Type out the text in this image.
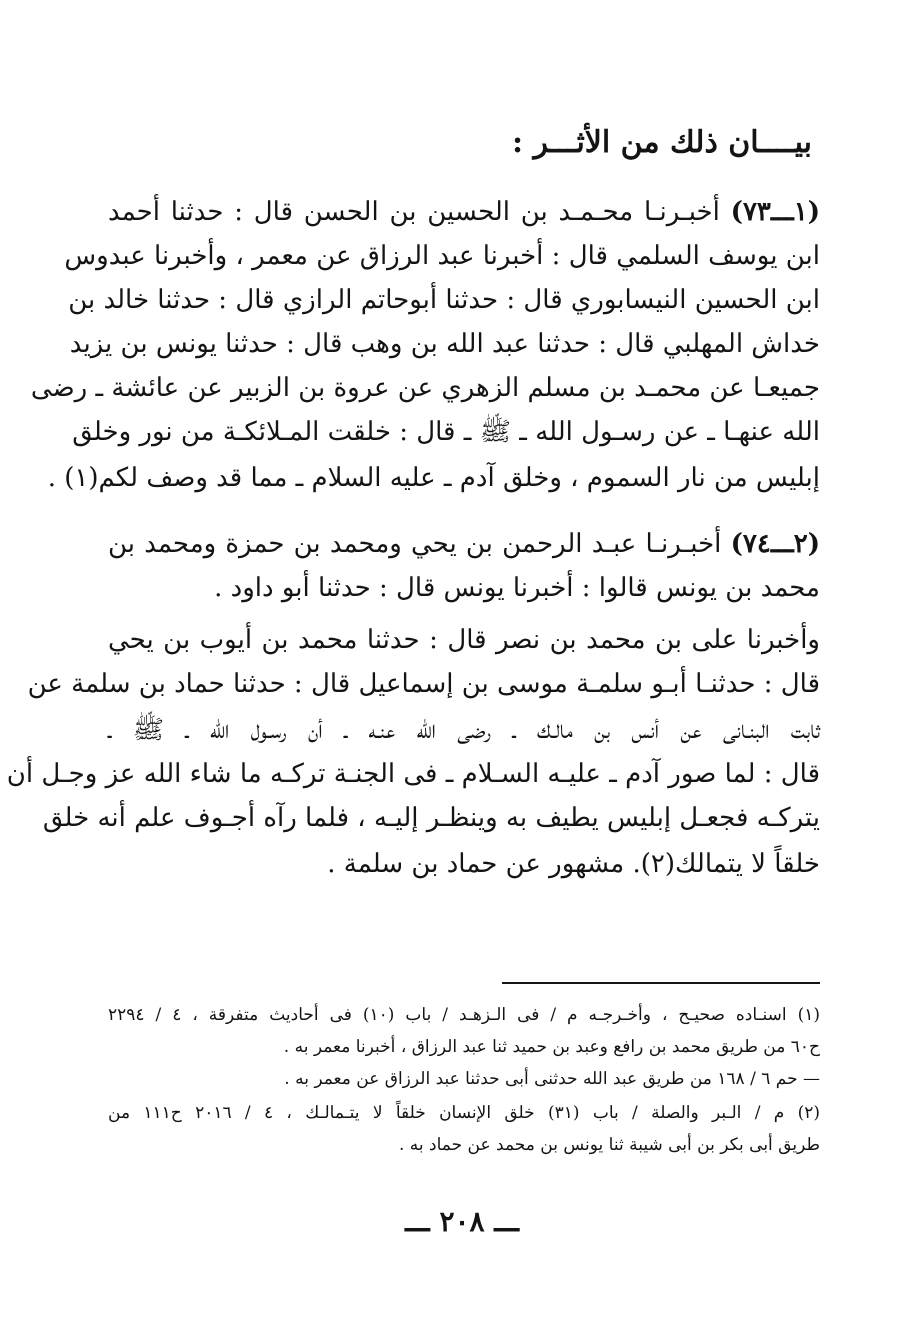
بيــــان ذلك من الأثـــر :
(١ـــ٧٣) أخبـرنـا محـمـد بن الحسين بن الحسن قال : حدثنا أحمد
ابن يوسف السلمي قال : أخبرنا عبد الرزاق عن معمر ، وأخبرنا عبدوس
ابن الحسين النيسابوري قال : حدثنا أبوحاتم الرازي قال : حدثنا خالد بن
خداش المهلبي قال : حدثنا عبد الله بن وهب قال : حدثنا يونس بن يزيد
جميعـا عن محمـد بن مسلم الزهري عن عروة بن الزبير عن عائشة ـ رضى
الله عنهـا ـ عن رسـول الله ـ ﷺ ـ قال : خلقت المـلائكـة من نور وخلق
إبليس من نار السموم ، وخلق آدم ـ عليه السلام ـ مما قد وصف لكم(١) .
(٢ـــ٧٤) أخبـرنـا عبـد الرحمن بن يحي ومحمد بن حمزة ومحمد بن
محمد بن يونس قالوا : أخبرنا يونس قال : حدثنا أبو داود .
وأخبرنا على بن محمد بن نصر قال : حدثنا محمد بن أيوب بن يحي
قال : حدثنـا أبـو سلمـة موسى بن إسماعيل قال : حدثنا حماد بن سلمة عن
ثابت البنـانى عن أنس بن مالـك ـ رضى الله عنـه ـ أن رسـول الله ـ ﷺ ـ
قال : لما صور آدم ـ عليـه السـلام ـ فى الجنـة تركـه ما شاء الله عز وجـل أن
يتركـه فجعـل إبليس يطيف به وينظـر إليـه ، فلما رآه أجـوف علم أنه خلق
خلقاً لا يتمالك(٢). مشهور عن حماد بن سلمة .
(١) اسنـاده صحيـح ، وأخـرجـه م / فى الـزهـد / باب (١٠) فى أحاديث متفرقة ، ٤ / ٢٢٩٤
ح٦٠ من طريق محمد بن رافع وعبد بن حميد ثنا عبد الرزاق ، أخبرنا معمر به .
— حم ٦ / ١٦٨ من طريق عبد الله حدثنى أبى حدثنا عبد الرزاق عن معمر به .
(٢) م / الـبر والصلة / باب (٣١) خلق الإنسان خلقاً لا يتـمالـك ، ٤ / ٢٠١٦ ح١١١ من
طريق أبى بكر بن أبى شيبة ثنا يونس بن محمد عن حماد به .
ـــ ٢٠٨ ـــ
